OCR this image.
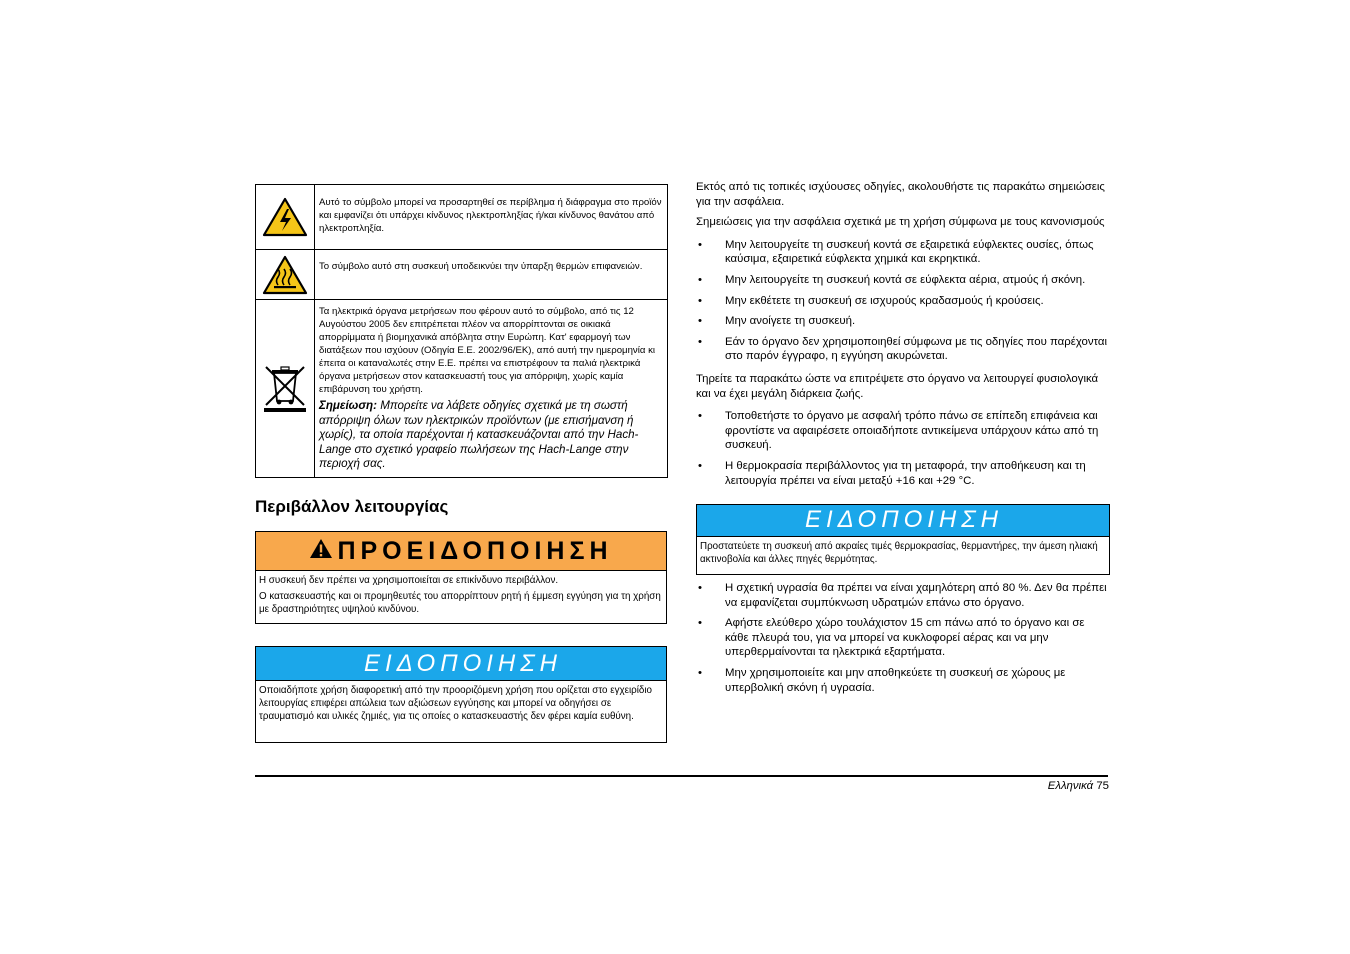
Αυτό το σύμβολο μπορεί να προσαρτηθεί σε περίβλημα ή διάφραγμα στο προϊόν και εμφανίζει ότι υπάρχει κίνδυνος ηλεκτροπληξίας ή/και κίνδυνος θανάτου από ηλεκτροπληξία.
Το σύμβολο αυτό στη συσκευή υποδεικνύει την ύπαρξη θερμών επιφανειών.
Τα ηλεκτρικά όργανα μετρήσεων που φέρουν αυτό το σύμβολο, από τις 12 Αυγούστου 2005 δεν επιτρέπεται πλέον να απορρίπτονται σε οικιακά απορρίμματα ή βιομηχανικά απόβλητα στην Ευρώπη. Κατ' εφαρμογή των διατάξεων που ισχύουν (Οδηγία Ε.Ε. 2002/96/ΕΚ), από αυτή την ημερομηνία κι έπειτα οι καταναλωτές στην Ε.Ε. πρέπει να επιστρέφουν τα παλιά ηλεκτρικά όργανα μετρήσεων στον κατασκευαστή τους για απόρριψη, χωρίς καμία επιβάρυνση του χρήστη.
Σημείωση: Μπορείτε να λάβετε οδηγίες σχετικά με τη σωστή απόρριψη όλων των ηλεκτρικών προϊόντων (με επισήμανση ή χωρίς), τα οποία παρέχονται ή κατασκευάζονται από την Hach-Lange στο σχετικό γραφείο πωλήσεων της Hach-Lange στην περιοχή σας.
Περιβάλλον λειτουργίας
ΠΡΟΕΙΔΟΠΟΙΗΣΗ

Η συσκευή δεν πρέπει να χρησιμοποιείται σε επικίνδυνο περιβάλλον.

Ο κατασκευαστής και οι προμηθευτές του απορρίπτουν ρητή ή έμμεση εγγύηση για τη χρήση με δραστηριότητες υψηλού κινδύνου.

ΕΙΔΟΠΟΙΗΣΗ
Οποιαδήποτε χρήση διαφορετική από την προοριζόμενη χρήση που ορίζεται στο εγχειρίδιο λειτουργίας επιφέρει απώλεια των αξιώσεων εγγύησης και μπορεί να οδηγήσει σε τραυματισμό και υλικές ζημιές, για τις οποίες ο κατασκευαστής δεν φέρει καμία ευθύνη.

Εκτός από τις τοπικές ισχύουσες οδηγίες, ακολουθήστε τις παρακάτω σημειώσεις για την ασφάλεια.

Σημειώσεις για την ασφάλεια σχετικά με τη χρήση σύμφωνα με τους κανονισμούς

• Μην λειτουργείτε τη συσκευή κοντά σε εξαιρετικά εύφλεκτες ουσίες, όπως καύσιμα, εξαιρετικά εύφλεκτα χημικά και εκρηκτικά.
• Μην λειτουργείτε τη συσκευή κοντά σε εύφλεκτα αέρια, ατμούς ή σκόνη.
• Μην εκθέτετε τη συσκευή σε ισχυρούς κραδασμούς ή κρούσεις.
• Μην ανοίγετε τη συσκευή.
• Εάν το όργανο δεν χρησιμοποιηθεί σύμφωνα με τις οδηγίες που παρέχονται στο παρόν έγγραφο, η εγγύηση ακυρώνεται.

Τηρείτε τα παρακάτω ώστε να επιτρέψετε στο όργανο να λειτουργεί φυσιολογικά και να έχει μεγάλη διάρκεια ζωής.

• Τοποθετήστε το όργανο με ασφαλή τρόπο πάνω σε επίπεδη επιφάνεια και φροντίστε να αφαιρέσετε οποιαδήποτε αντικείμενα υπάρχουν κάτω από τη συσκευή.
• Η θερμοκρασία περιβάλλοντος για τη μεταφορά, την αποθήκευση και τη λειτουργία πρέπει να είναι μεταξύ +16 και +29 °C.
ΕΙΔΟΠΟΙΗΣΗ
Προστατεύετε τη συσκευή από ακραίες τιμές θερμοκρασίας, θερμαντήρες, την άμεση ηλιακή ακτινοβολία και άλλες πηγές θερμότητας.
• Η σχετική υγρασία θα πρέπει να είναι χαμηλότερη από 80 %. Δεν θα πρέπει να εμφανίζεται συμπύκνωση υδρατμών επάνω στο όργανο.
• Αφήστε ελεύθερο χώρο τουλάχιστον 15 cm πάνω από το όργανο και σε κάθε πλευρά του, για να μπορεί να κυκλοφορεί αέρας και να μην υπερθερμαίνονται τα ηλεκτρικά εξαρτήματα.
• Μην χρησιμοποιείτε και μην αποθηκεύετε τη συσκευή σε χώρους με υπερβολική σκόνη ή υγρασία.
Ελληνικά 75
